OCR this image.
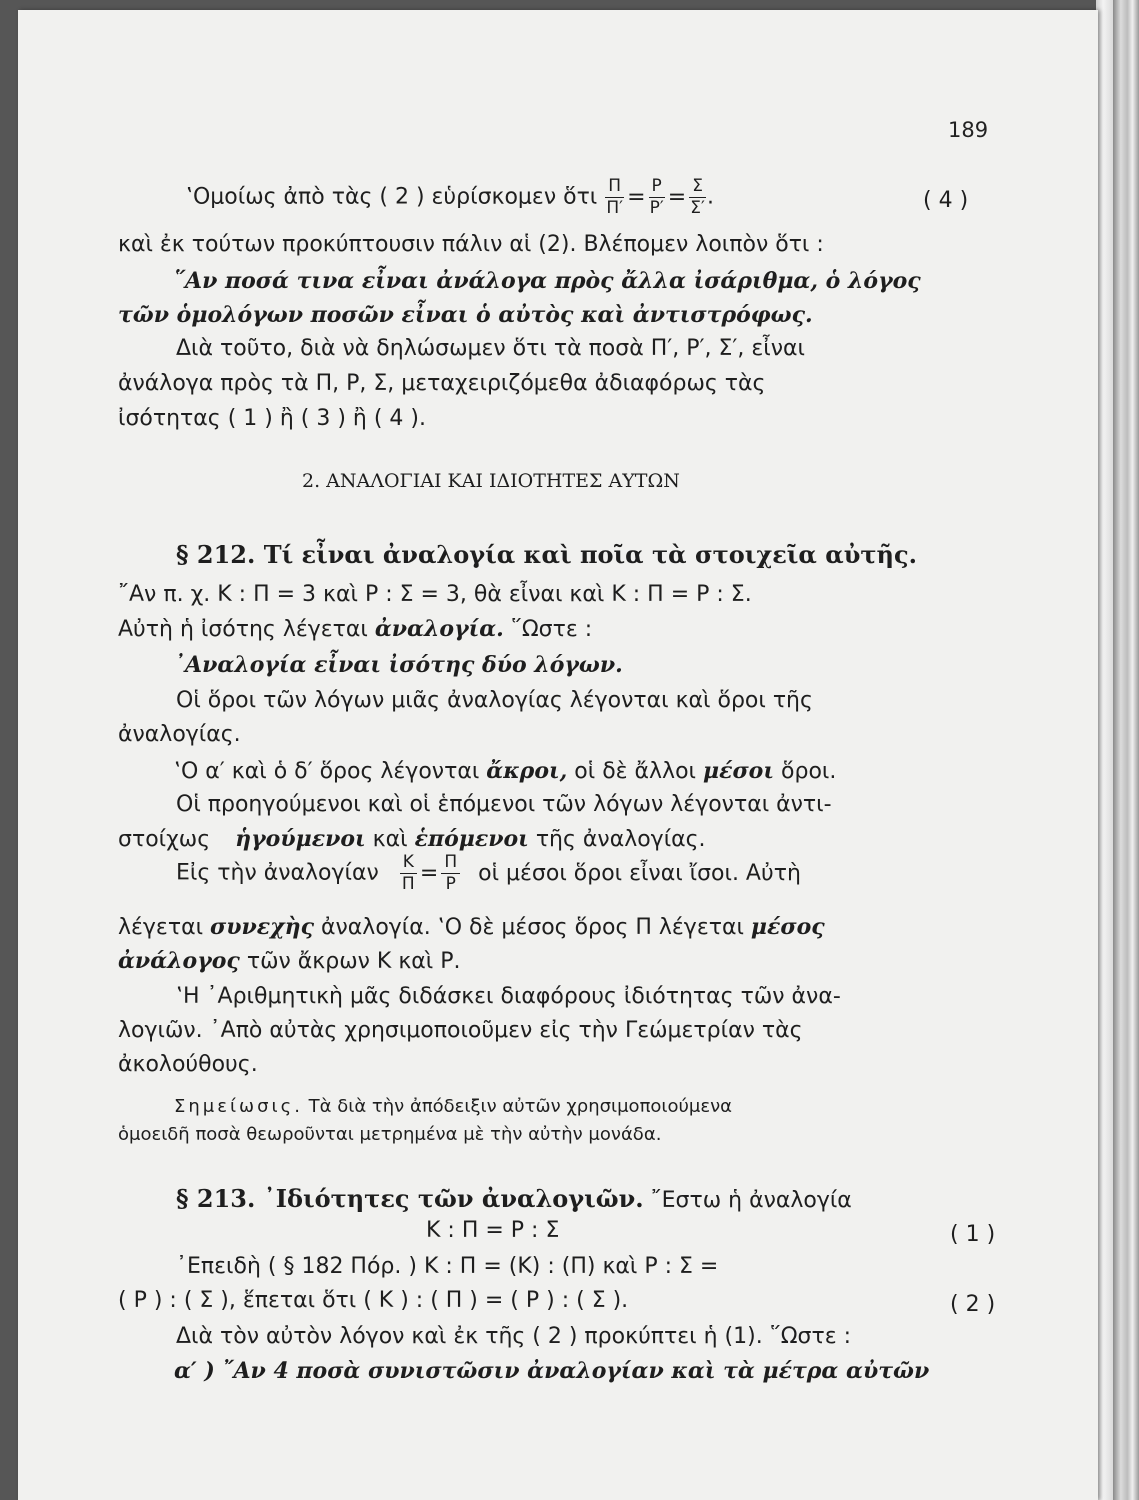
189
‛Ομοίως ἀπὸ τὰς ( 2 ) εὑρίσκομεν ὅτι $\frac{\Pi}{\Pi'} = \frac{P}{P'} = \frac{\Sigma}{\Sigma'}$ .	( 4 )
καὶ ἐκ τούτων προκύπτουσιν πάλιν αἱ (2). Βλέπομεν λοιπὸν ὅτι :
῞Αν ποσά τινα εἶναι ἀνάλογα πρὸς ἄλλα ἰσάριθμα, ὁ λόγος
τῶν ὁμολόγων ποσῶν εἶναι ὁ αὐτὸς καὶ ἀντιστρόφως.
Διὰ τοῦτο, διὰ νὰ δηλώσωμεν ὅτι τὰ ποσὰ Π′, Ρ′, Σ′, εἶναι
ἀνάλογα πρὸς τὰ Π, Ρ, Σ, μεταχειριζόμεθα ἀδιαφόρως τὰς
ἰσότητας ( 1 ) ἢ ( 3 ) ἢ ( 4 ).
2. ΑΝΑΛΟΓΙΑΙ ΚΑΙ ΙΔΙΟΤΗΤΕΣ ΑΥΤΩΝ
§ 212. Τί εἶναι ἀναλογία καὶ ποῖα τὰ στοιχεῖα αὐτῆς.
῎Αν π. χ. Κ : Π = 3 καὶ Ρ : Σ = 3, θὰ εἶναι καὶ Κ : Π = Ρ : Σ.
Αὐτὴ ἡ ἰσότης λέγεται ἀναλογία. ῞Ωστε :
᾿Αναλογία εἶναι ἰσότης δύο λόγων.
Οἱ ὅροι τῶν λόγων μιᾶς ἀναλογίας λέγονται καὶ ὅροι τῆς
ἀναλογίας.
‛Ο α′ καὶ ὁ δ′ ὅρος λέγονται ἄκροι, οἱ δὲ ἄλλοι μέσοι ὅροι.
Οἱ προηγούμενοι καὶ οἱ ἑπόμενοι τῶν λόγων λέγονται ἀντι-
στοίχως ἡγούμενοι καὶ ἑπόμενοι τῆς ἀναλογίας.
Εἰς τὴν ἀναλογίαν $\frac{K}{\Pi} = \frac{\Pi}{P}$ οἱ μέσοι ὅροι εἶναι ἴσοι. Αὐτὴ
λέγεται συνεχὴς ἀναλογία. ‛Ο δὲ μέσος ὅρος Π λέγεται μέσος
ἀνάλογος τῶν ἄκρων Κ καὶ Ρ.
‛Η ᾿Αριθμητικὴ μᾶς διδάσκει διαφόρους ἰδιότητας τῶν ἀνα-
λογιῶν. ᾿Απὸ αὐτὰς χρησιμοποιοῦμεν εἰς τὴν Γεώμετρίαν τὰς
ἀκολούθους.
Σημείωσις. Τὰ διὰ τὴν ἀπόδειξιν αὐτῶν χρησιμοποιούμενα
ὁμοειδῆ ποσὰ θεωροῦνται μετρημένα μὲ τὴν αὐτὴν μονάδα.
§ 213. ᾿Ιδιότητες τῶν ἀναλογιῶν. ῎Εστω ἡ ἀναλογία
Κ : Π = Ρ : Σ	( 1 )
᾿Επειδὴ ( § 182 Πόρ. ) Κ : Π = (Κ) : (Π) καὶ Ρ : Σ =
( Ρ ) : ( Σ ), ἕπεται ὅτι ( Κ ) : ( Π ) = ( Ρ ) : ( Σ ).	( 2 )
Διὰ τὸν αὐτὸν λόγον καὶ ἐκ τῆς ( 2 ) προκύπτει ἡ (1). ῞Ωστε :
α′ ) ῎Αν 4 ποσὰ συνιστῶσιν ἀναλογίαν καὶ τὰ μέτρα αὐτῶν
